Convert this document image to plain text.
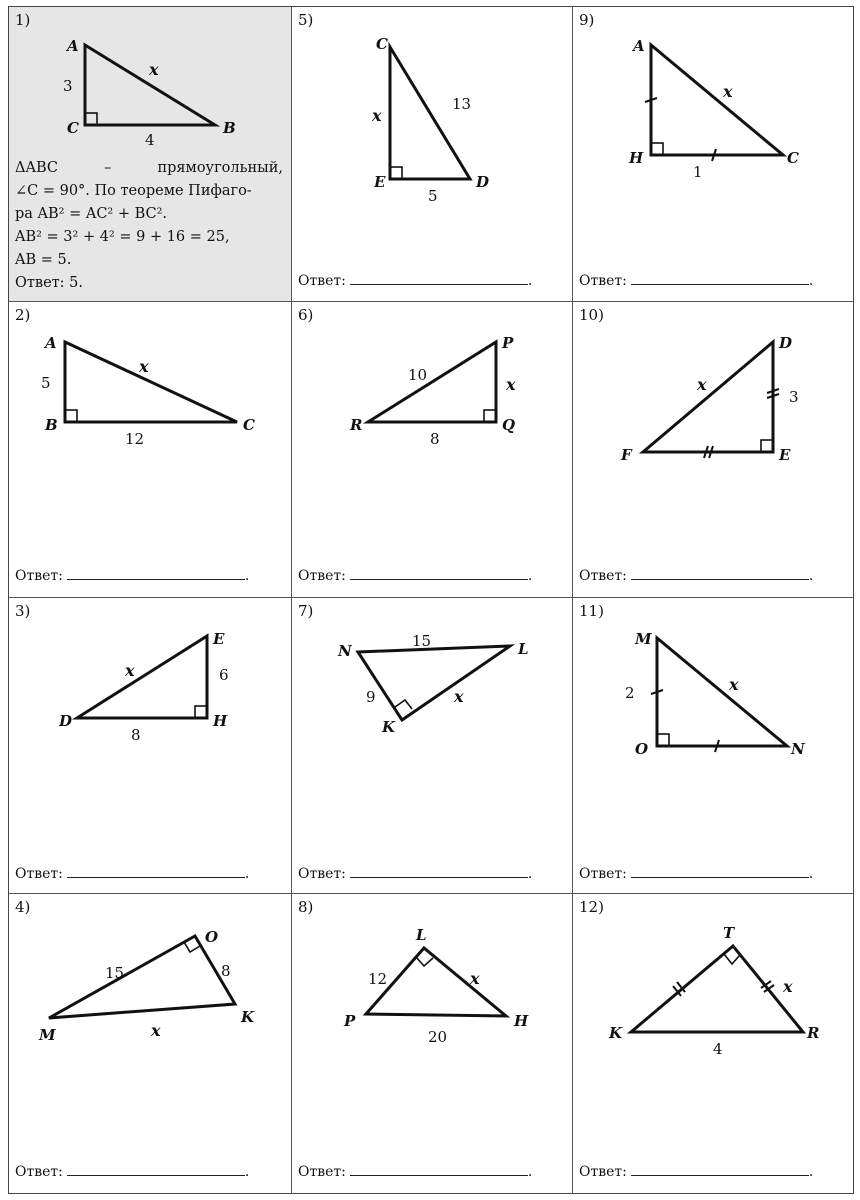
1)
A
C	B
3
4
x
ΔABC – прямоугольный,
∠C = 90°. По теореме Пифаго-
ра AB² = AC² + BC².
AB² = 3² + 4² = 9 + 16 = 25,
AB = 5.
Ответ: 5.
5)
C
E	D
13
5
x
Ответ:	.
9)
A
H	C
1
x
Ответ:	.
2)
A
B	C
5
12
x
Ответ:	.
6)
R
P
Q
10
8
x
Ответ:	.
10)
F
D
E
3
x
Ответ:	.
3)
D
E
H
6
8
x
Ответ:	.
7)
N	L
K
15
9	x
Ответ:	.
11)
M
O	N
2	x
Ответ:	.
4)
M
O
K
15	8
x
Ответ:	.
8)
L
P	H
12
20
x
Ответ:	.
12)
T
K	R
4
x
Ответ:	.
